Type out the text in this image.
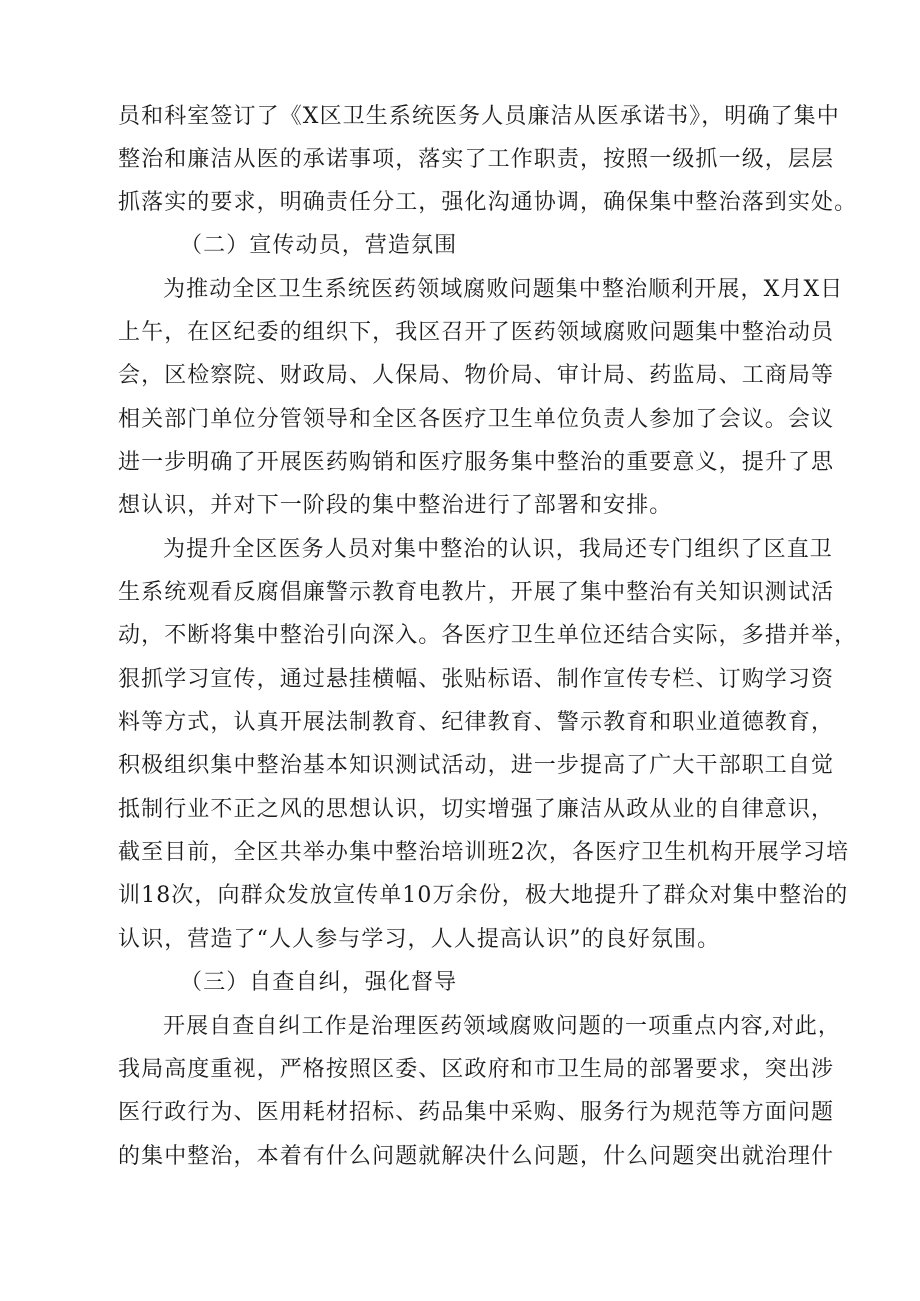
员和科室签订了《X区卫生系统医务人员廉洁从医承诺书》，明确了集中
整治和廉洁从医的承诺事项，落实了工作职责，按照一级抓一级，层层
抓落实的要求，明确责任分工，强化沟通协调，确保集中整治落到实处。
（二）宣传动员，营造氛围
为推动全区卫生系统医药领域腐败问题集中整治顺利开展，X月X日
上午，在区纪委的组织下，我区召开了医药领域腐败问题集中整治动员
会，区检察院、财政局、人保局、物价局、审计局、药监局、工商局等
相关部门单位分管领导和全区各医疗卫生单位负责人参加了会议。会议
进一步明确了开展医药购销和医疗服务集中整治的重要意义，提升了思
想认识，并对下一阶段的集中整治进行了部署和安排。
为提升全区医务人员对集中整治的认识，我局还专门组织了区直卫
生系统观看反腐倡廉警示教育电教片，开展了集中整治有关知识测试活
动，不断将集中整治引向深入。各医疗卫生单位还结合实际，多措并举，
狠抓学习宣传，通过悬挂横幅、张贴标语、制作宣传专栏、订购学习资
料等方式，认真开展法制教育、纪律教育、警示教育和职业道德教育，
积极组织集中整治基本知识测试活动，进一步提高了广大干部职工自觉
抵制行业不正之风的思想认识，切实增强了廉洁从政从业的自律意识，
截至目前，全区共举办集中整治培训班2次，各医疗卫生机构开展学习培
训18次，向群众发放宣传单10万余份，极大地提升了群众对集中整治的
认识，营造了“人人参与学习，人人提高认识”的良好氛围。
（三）自查自纠，强化督导
开展自查自纠工作是治理医药领域腐败问题的一项重点内容,对此，
我局高度重视，严格按照区委、区政府和市卫生局的部署要求，突出涉
医行政行为、医用耗材招标、药品集中采购、服务行为规范等方面问题
的集中整治，本着有什么问题就解决什么问题，什么问题突出就治理什
